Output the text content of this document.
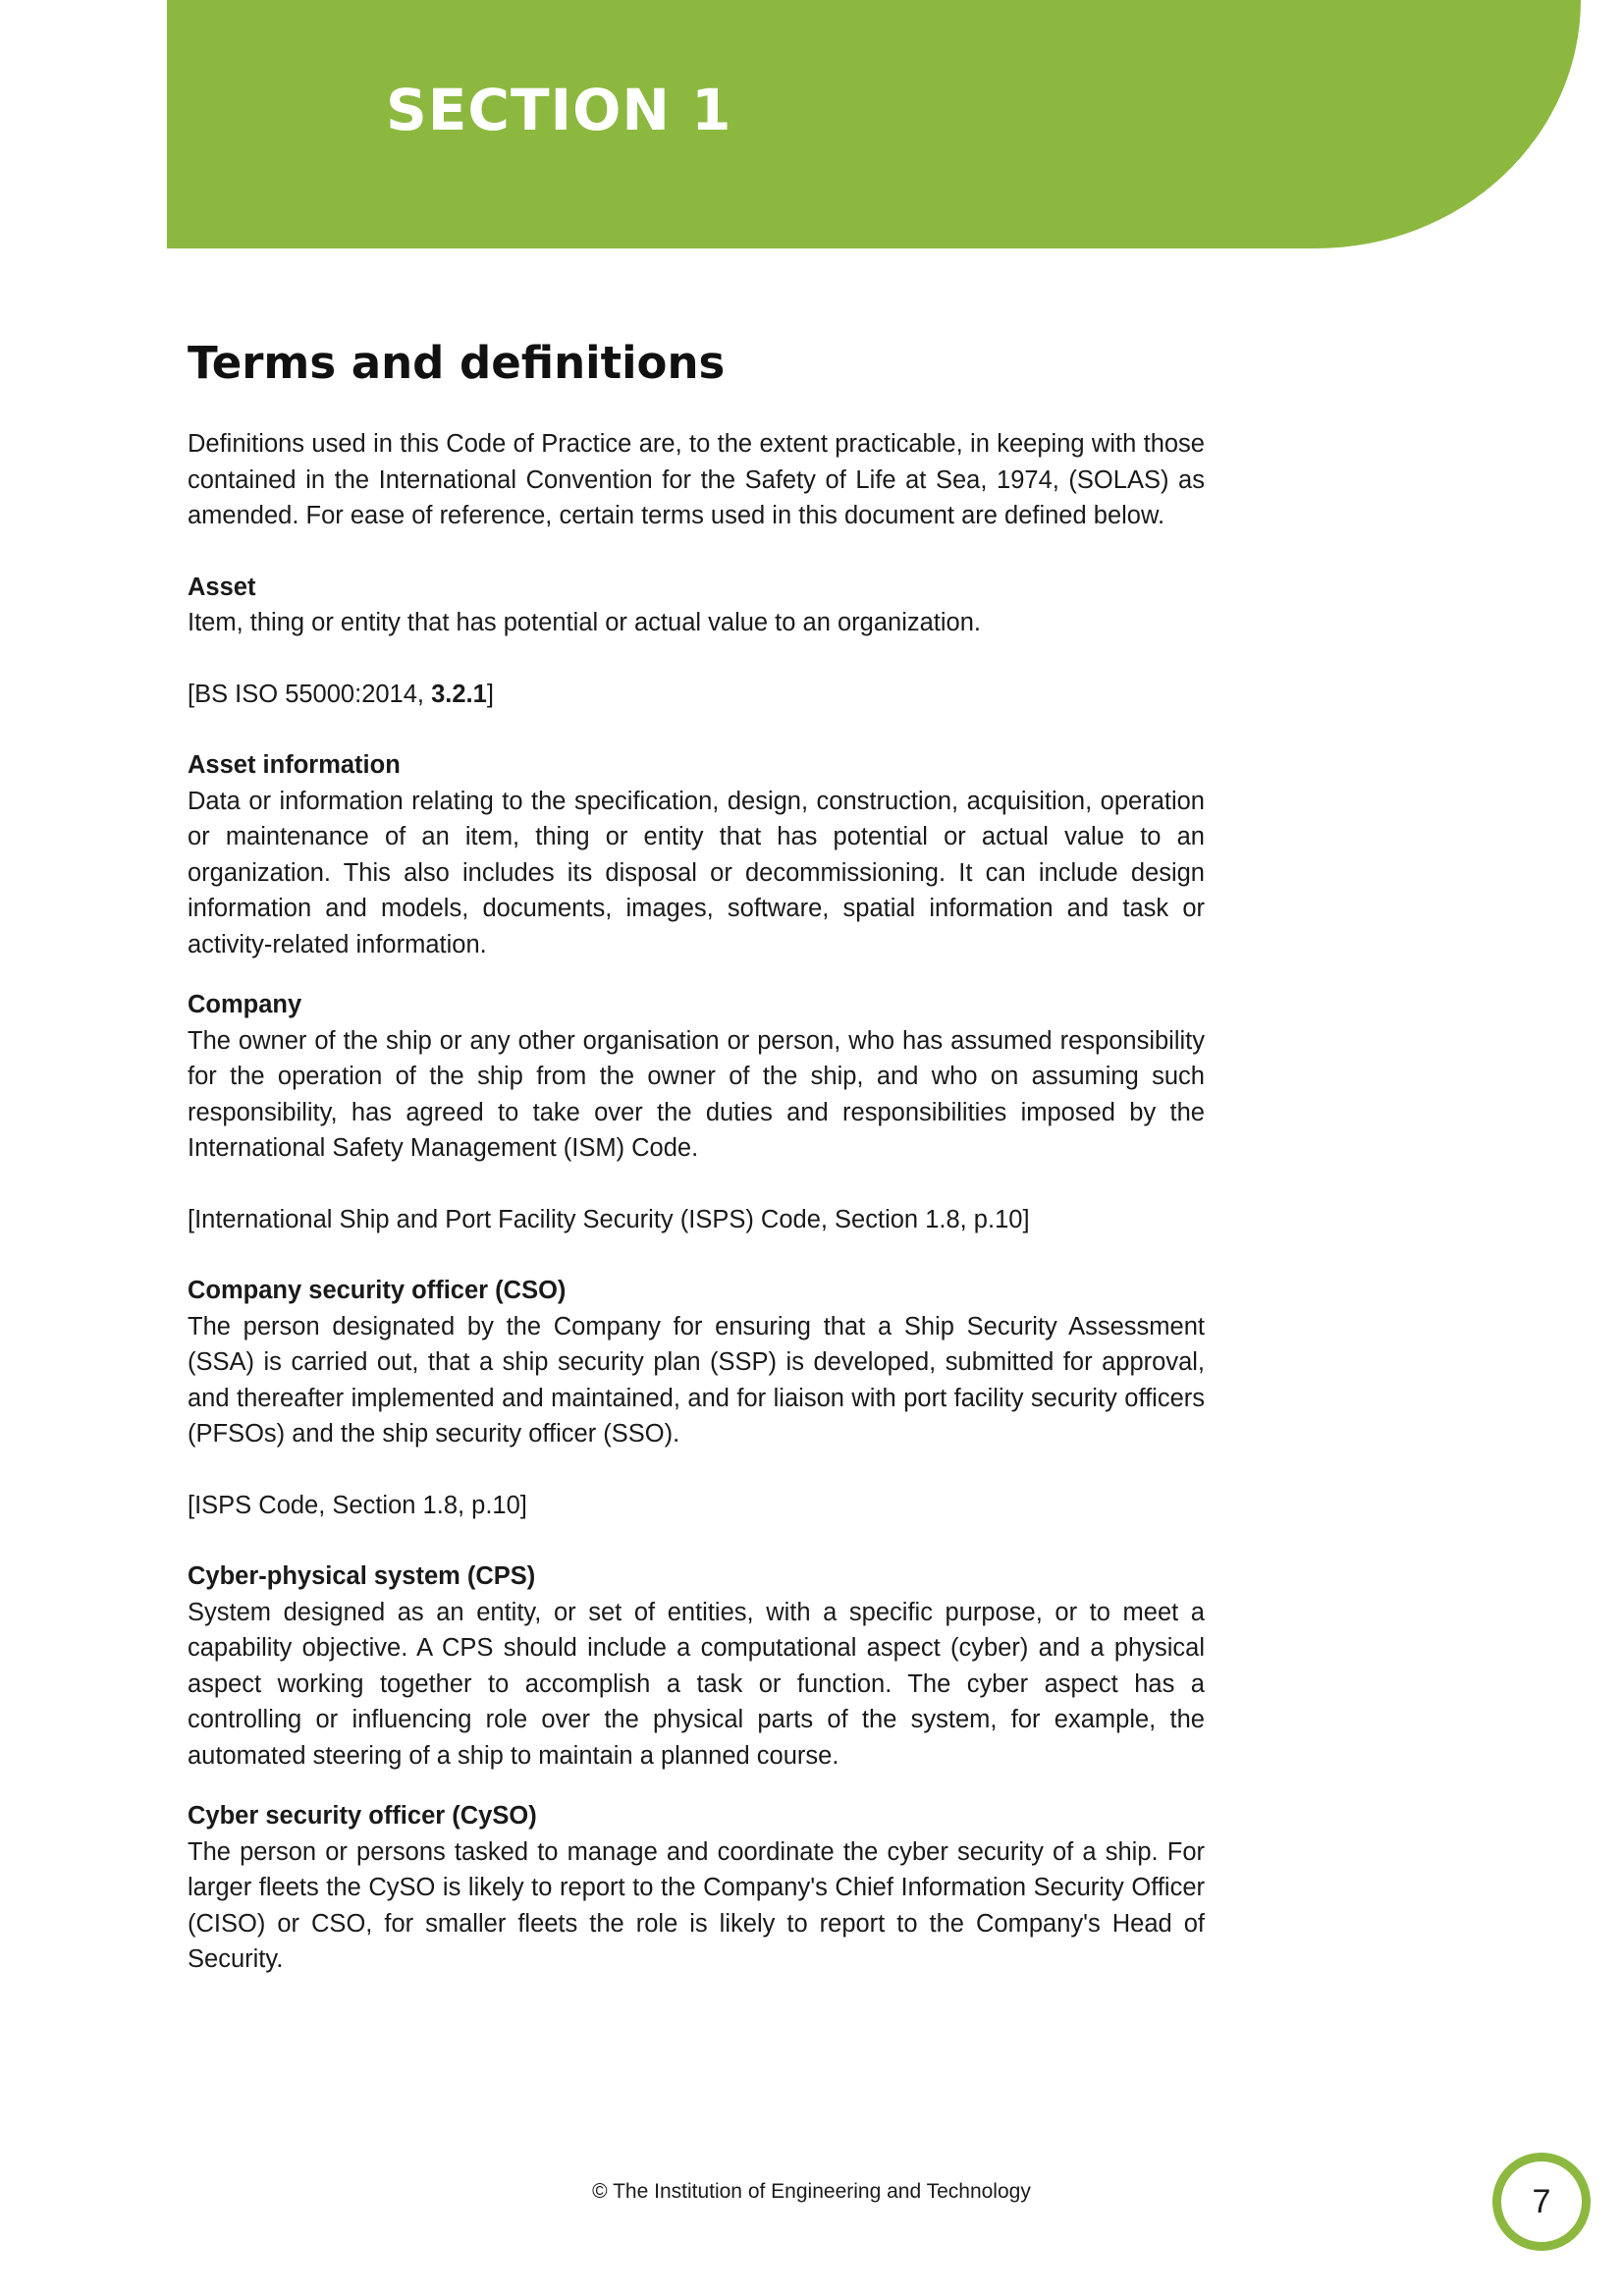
SECTION 1
Terms and definitions

Definitions used in this Code of Practice are, to the extent practicable, in keeping with those contained in the International Convention for the Safety of Life at Sea, 1974, (SOLAS) as amended. For ease of reference, certain terms used in this document are defined below.

Asset

Item, thing or entity that has potential or actual value to an organization.

[BS ISO 55000:2014, 3.2.1]

Asset information

Data or information relating to the specification, design, construction, acquisition, operation or maintenance of an item, thing or entity that has potential or actual value to an organization. This also includes its disposal or decommissioning. It can include design information and models, documents, images, software, spatial information and task or activity-related information.

Company

The owner of the ship or any other organisation or person, who has assumed responsibility for the operation of the ship from the owner of the ship, and who on assuming such responsibility, has agreed to take over the duties and responsibilities imposed by the International Safety Management (ISM) Code.

[International Ship and Port Facility Security (ISPS) Code, Section 1.8, p.10]

Company security officer (CSO)

The person designated by the Company for ensuring that a Ship Security Assessment (SSA) is carried out, that a ship security plan (SSP) is developed, submitted for approval, and thereafter implemented and maintained, and for liaison with port facility security officers (PFSOs) and the ship security officer (SSO).

[ISPS Code, Section 1.8, p.10]

Cyber-physical system (CPS)

System designed as an entity, or set of entities, with a specific purpose, or to meet a capability objective. A CPS should include a computational aspect (cyber) and a physical aspect working together to accomplish a task or function. The cyber aspect has a controlling or influencing role over the physical parts of the system, for example, the automated steering of a ship to maintain a planned course.

Cyber security officer (CySO)

The person or persons tasked to manage and coordinate the cyber security of a ship. For larger fleets the CySO is likely to report to the Company's Chief Information Security Officer (CISO) or CSO, for smaller fleets the role is likely to report to the Company's Head of Security.

© The Institution of Engineering and Technology	7
